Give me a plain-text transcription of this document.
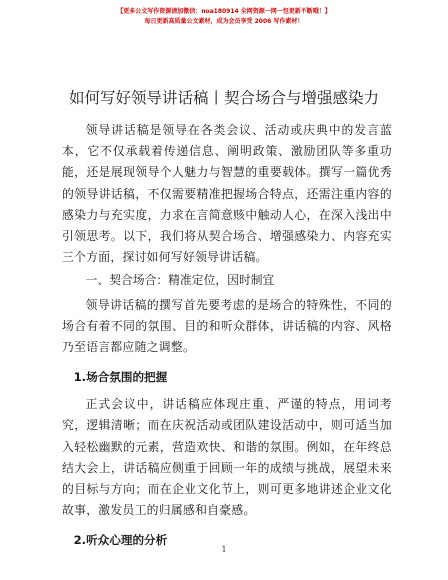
【更多公文写作资源请加微信：noa180914 全网资源一网一包更新不断哦！】
每日更新高质量公文素材，成为会员享受 2006 写作素材！
如何写好领导讲话稿丨契合场合与增强感染力

领导讲话稿是领导在各类会议、活动或庆典中的发言蓝本，它不仅承载着传递信息、阐明政策、激励团队等多重功能，还是展现领导个人魅力与智慧的重要载体。撰写一篇优秀的领导讲话稿，不仅需要精准把握场合特点，还需注重内容的感染力与充实度，力求在言简意赅中触动人心，在深入浅出中引领思考。以下，我们将从契合场合、增强感染力、内容充实三个方面，探讨如何写好领导讲话稿。

一、契合场合：精准定位，因时制宜

领导讲话稿的撰写首先要考虑的是场合的特殊性，不同的场合有着不同的氛围、目的和听众群体，讲话稿的内容、风格乃至语言都应随之调整。

1.场合氛围的把握

正式会议中，讲话稿应体现庄重、严谨的特点，用词考究，逻辑清晰；而在庆祝活动或团队建设活动中，则可适当加入轻松幽默的元素，营造欢快、和谐的氛围。例如，在年终总结大会上，讲话稿应侧重于回顾一年的成绩与挑战，展望未来的目标与方向；而在企业文化节上，则可更多地讲述企业文化故事，激发员工的归属感和自豪感。

2.听众心理的分析

1
